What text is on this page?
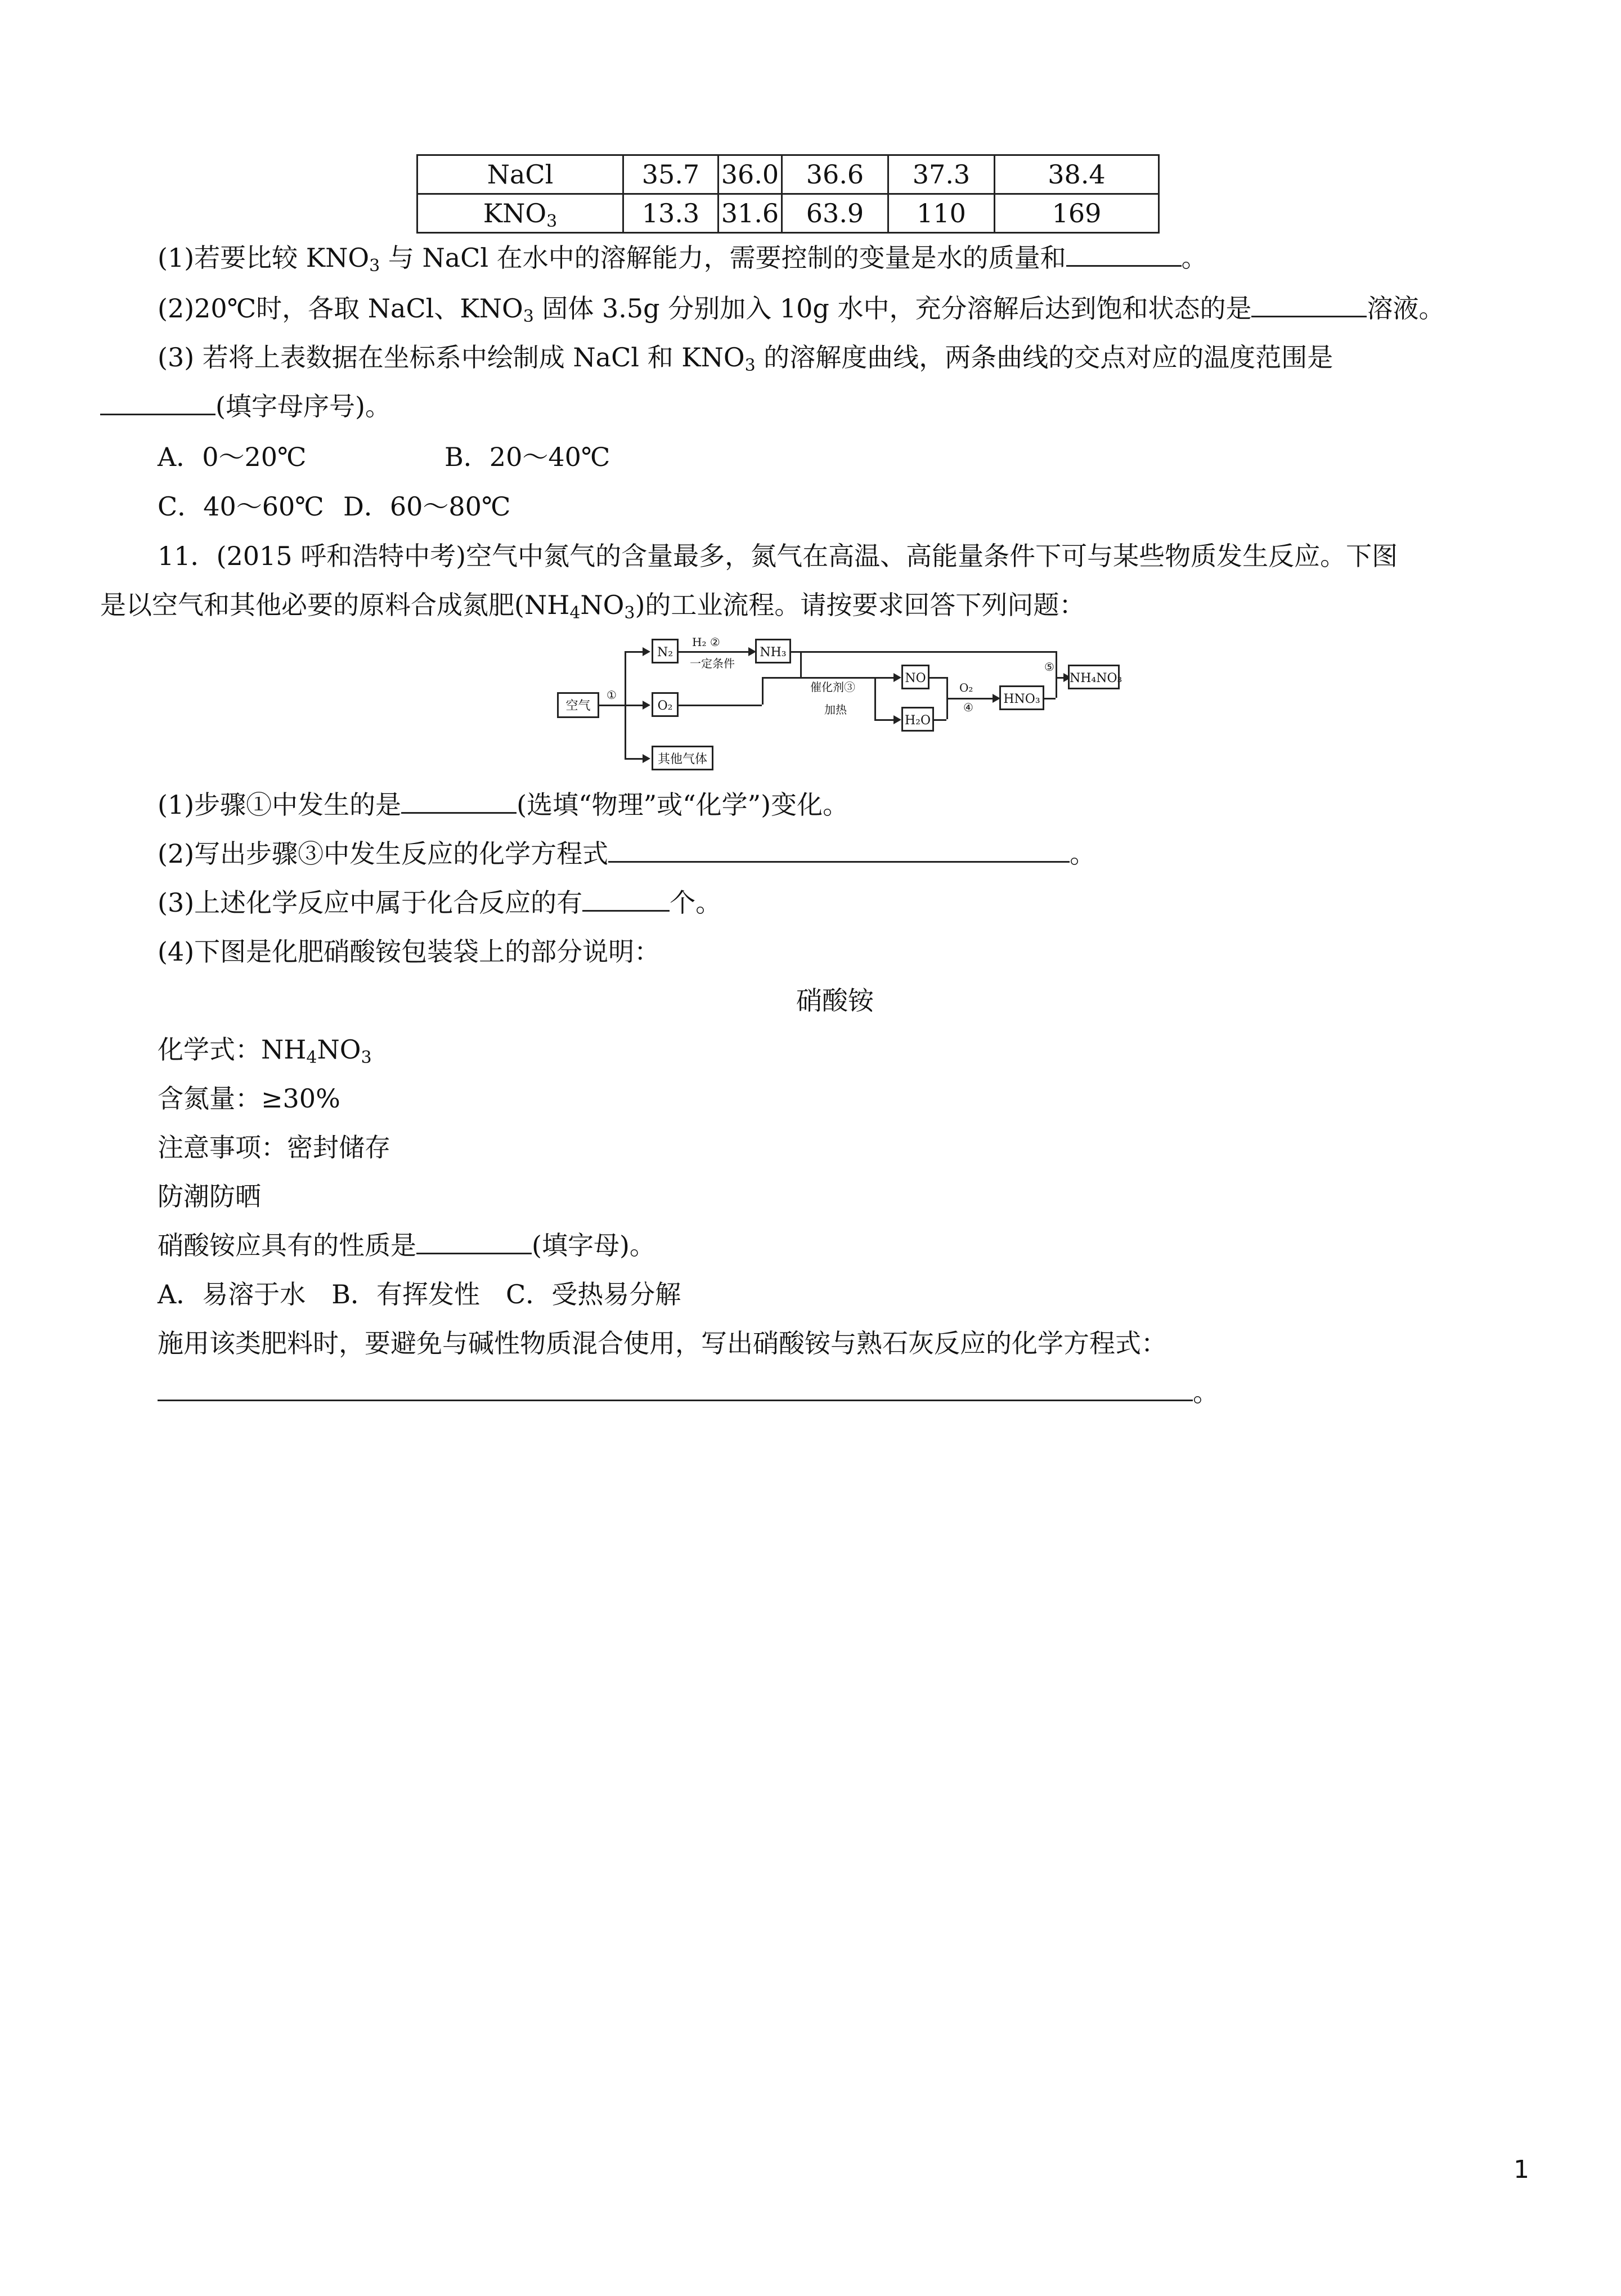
NaCl	35.7	36.0	36.6	37.3	38.4
$KNO_3$	13.3	31.6	63.9	110	169
(1)若要比较 $KNO_3$ 与 NaCl 在水中的溶解能力，需要控制的变量是水的质量和	。
(2)20℃时，各取 NaCl、$KNO_3$ 固体 3.5g 分别加入 10g 水中，充分溶解后达到饱和状态的是	溶液。
(3) 若将上表数据在坐标系中绘制成 NaCl 和 $KNO_3$ 的溶解度曲线，两条曲线的交点对应的温度范围是
(填字母序号)。
A．0～20℃	B．20～40℃
C．40～60℃ D．60～80℃
11．(2015 呼和浩特中考)空气中氮气的含量最多，氮气在高温、高能量条件下可与某些物质发生反应。下图
是以空气和其他必要的原料合成氮肥$(NH_4NO_3)$的工业流程。请按要求回答下列问题：
空气
①
N₂
O₂
其他气体
H₂ ②
一定条件
NH₃
催化剂③
加热
NO
H₂O
O₂
④
HNO₃
⑤
NH₄NO₃
(1)步骤①中发生的是	(选填“物理”或“化学”)变化。
(2)写出步骤③中发生反应的化学方程式	。
(3)上述化学反应中属于化合反应的有	个。
(4)下图是化肥硝酸铵包装袋上的部分说明：
硝酸铵
化学式：$NH_4NO_3$
含氮量：≥30%
注意事项：密封储存
防潮防晒
硝酸铵应具有的性质是	(填字母)。
A．易溶于水　B．有挥发性　C．受热易分解
施用该类肥料时，要避免与碱性物质混合使用，写出硝酸铵与熟石灰反应的化学方程式：
。
1
